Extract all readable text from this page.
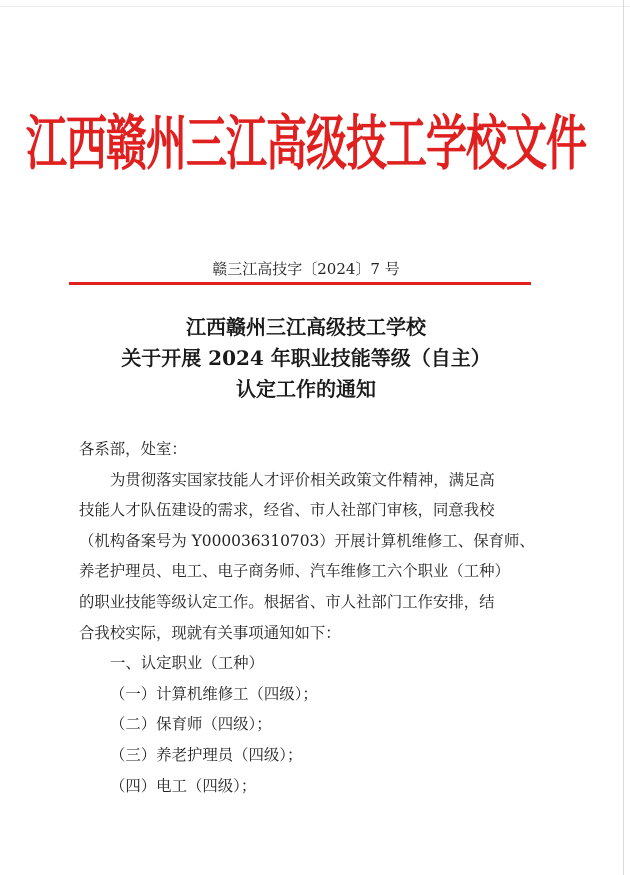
江西赣州三江高级技工学校文件
赣三江高技字〔2024〕7 号
江西赣州三江高级技工学校
关于开展 2024 年职业技能等级（自主）
认定工作的通知
各系部，处室：
为贯彻落实国家技能人才评价相关政策文件精神，满足高
技能人才队伍建设的需求，经省、市人社部门审核，同意我校
（机构备案号为 Y000036310703）开展计算机维修工、保育师、
养老护理员、电工、电子商务师、汽车维修工六个职业（工种）
的职业技能等级认定工作。根据省、市人社部门工作安排，结
合我校实际，现就有关事项通知如下：
一、认定职业（工种）
（一）计算机维修工（四级）；
（二）保育师（四级）；
（三）养老护理员（四级）；
（四）电工（四级）；
